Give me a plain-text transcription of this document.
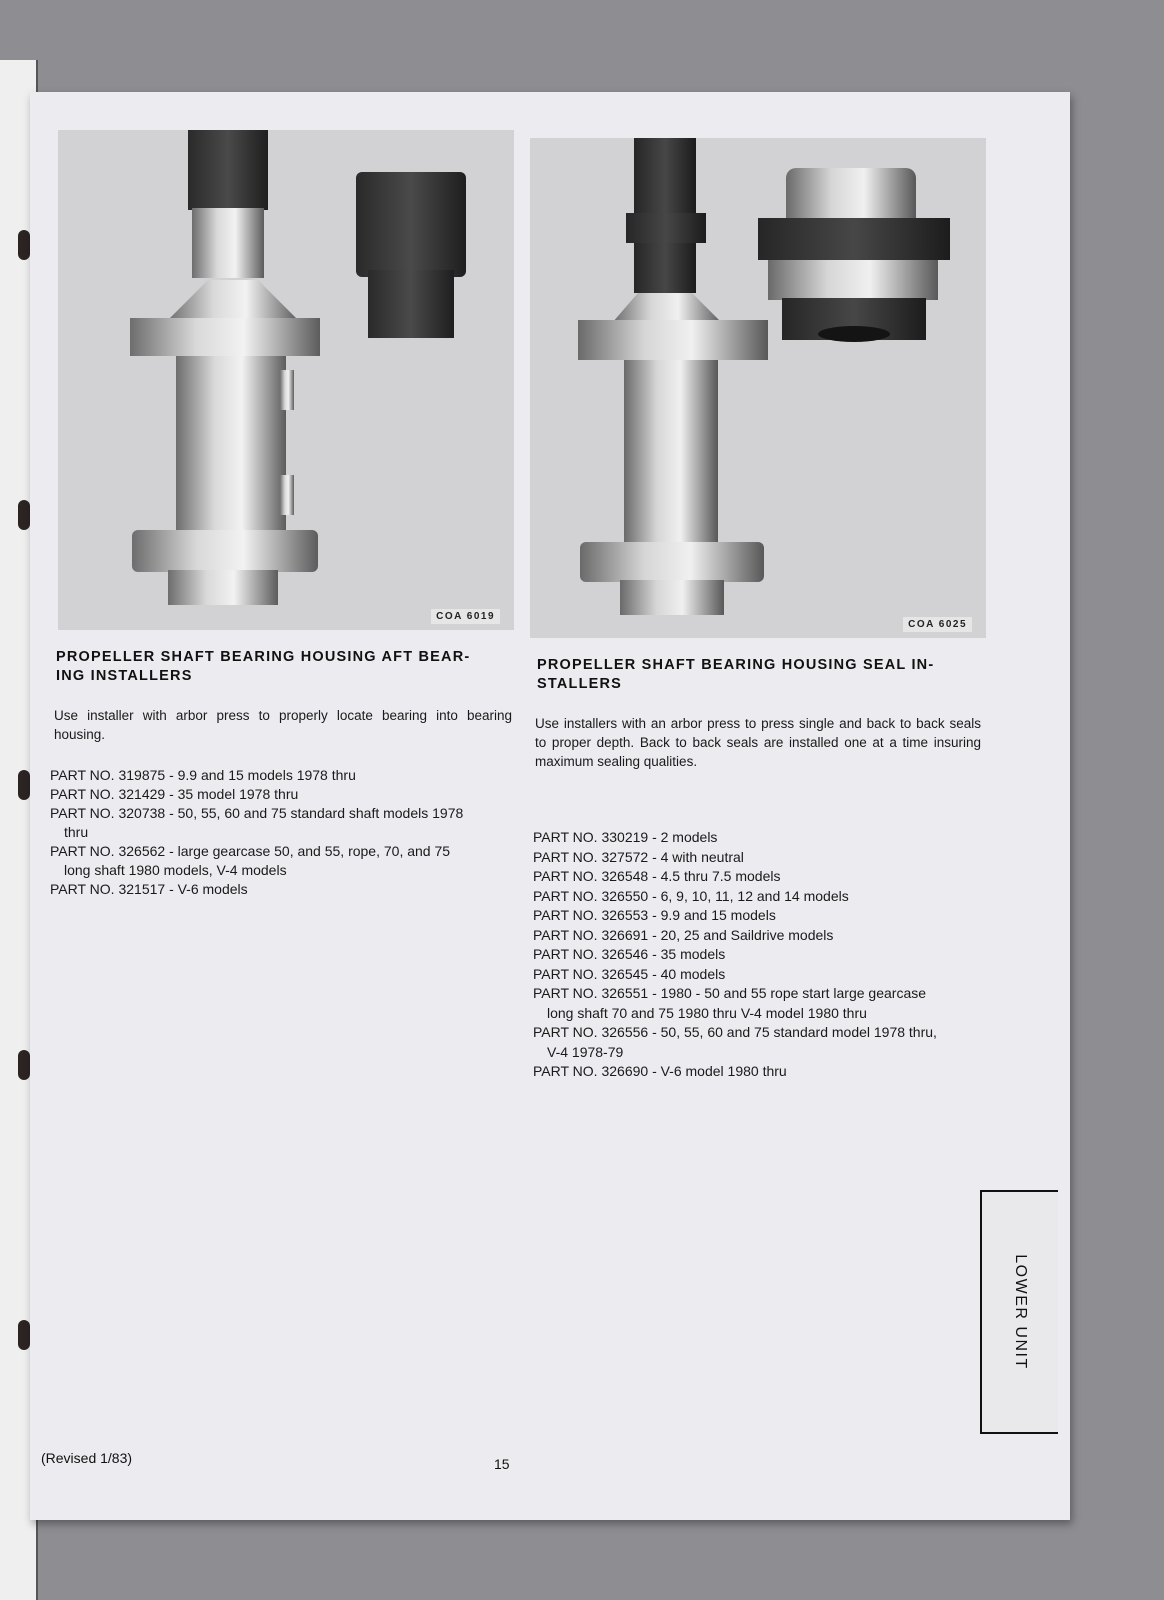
COA 6019
COA 6025
PROPELLER SHAFT BEARING HOUSING AFT BEAR-
ING INSTALLERS

Use installer with arbor press to properly locate bearing into bearing housing.

PART NO. 319875 - 9.9 and 15 models 1978 thru
PART NO. 321429 - 35 model 1978 thru
PART NO. 320738 - 50, 55, 60 and 75 standard shaft models 1978 thru
PART NO. 326562 - large gearcase 50, and 55, rope, 70, and 75 long shaft 1980 models, V-4 models
PART NO. 321517 - V-6 models
PROPELLER SHAFT BEARING HOUSING SEAL IN-
STALLERS

Use installers with an arbor press to press single and back to back seals to proper depth. Back to back seals are installed one at a time insuring maximum sealing qualities.

PART NO. 330219 - 2 models
PART NO. 327572 - 4 with neutral
PART NO. 326548 - 4.5 thru 7.5 models
PART NO. 326550 - 6, 9, 10, 11, 12 and 14 models
PART NO. 326553 - 9.9 and 15 models
PART NO. 326691 - 20, 25 and Saildrive models
PART NO. 326546 - 35 models
PART NO. 326545 - 40 models
PART NO. 326551 - 1980 - 50 and 55 rope start large gearcase long shaft 70 and 75 1980 thru V-4 model 1980 thru
PART NO. 326556 - 50, 55, 60 and 75 standard model 1978 thru, V-4 1978-79
PART NO. 326690 - V-6 model 1980 thru
LOWER UNIT
(Revised 1/83)	15
